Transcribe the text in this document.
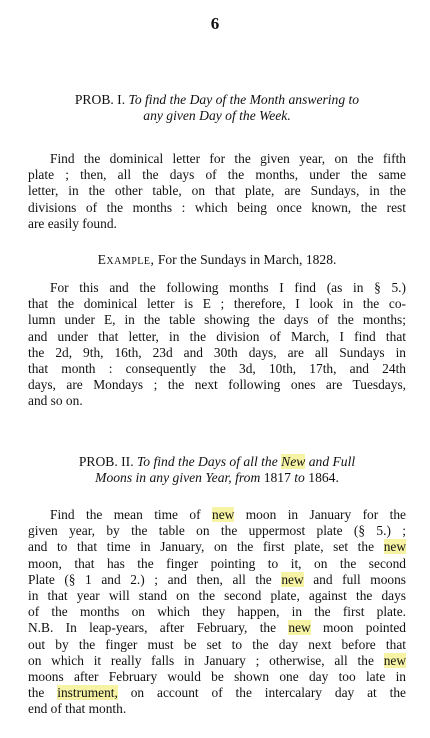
6
PROB. I. To find the Day of the Month answering to
any given Day of the Week.
Find the dominical letter for the given year, on the fifth
plate ; then, all the days of the months, under the same
letter, in the other table, on that plate, are Sundays, in the
divisions of the months : which being once known, the rest
are easily found.
Example, For the Sundays in March, 1828.
For this and the following months I find (as in § 5.)
that the dominical letter is E ; therefore, I look in the co-
lumn under E, in the table showing the days of the months;
and under that letter, in the division of March, I find that
the 2d, 9th, 16th, 23d and 30th days, are all Sundays in
that month : consequently the 3d, 10th, 17th, and 24th
days, are Mondays ; the next following ones are Tuesdays,
and so on.
PROB. II. To find the Days of all the New and Full
Moons in any given Year, from 1817 to 1864.
Find the mean time of new moon in January for the
given year, by the table on the uppermost plate (§ 5.) ;
and to that time in January, on the first plate, set the new
moon, that has the finger pointing to it, on the second
Plate (§ 1 and 2.) ; and then, all the new and full moons
in that year will stand on the second plate, against the days
of the months on which they happen, in the first plate.
N.B. In leap-years, after February, the new moon pointed
out by the finger must be set to the day next before that
on which it really falls in January ; otherwise, all the new
moons after February would be shown one day too late in
the instrument, on account of the intercalary day at the
end of that month.
